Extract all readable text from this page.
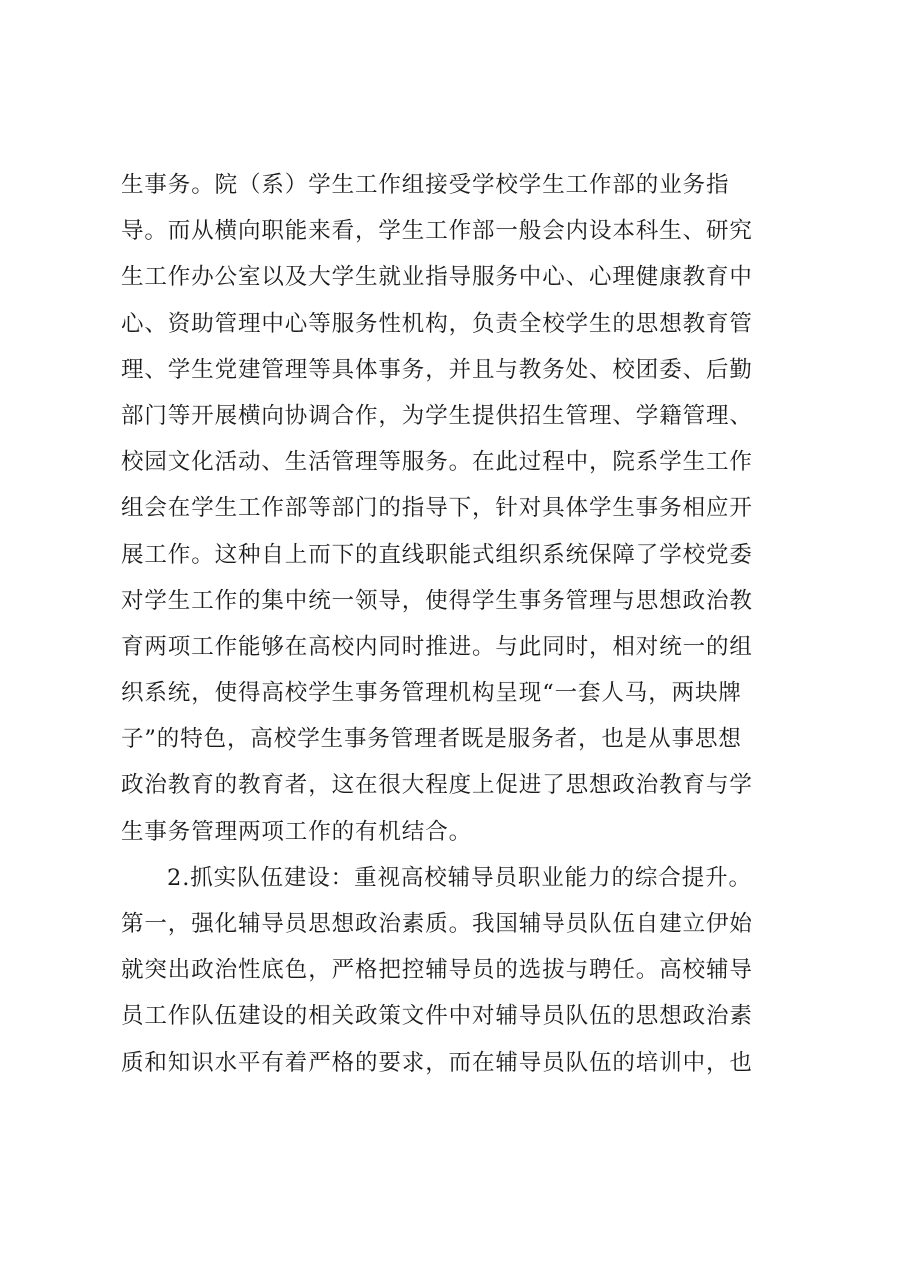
生事务。院（系）学生工作组接受学校学生工作部的业务指
导。而从横向职能来看，学生工作部一般会内设本科生、研究
生工作办公室以及大学生就业指导服务中心、心理健康教育中
心、资助管理中心等服务性机构，负责全校学生的思想教育管
理、学生党建管理等具体事务，并且与教务处、校团委、后勤
部门等开展横向协调合作，为学生提供招生管理、学籍管理、
校园文化活动、生活管理等服务。在此过程中，院系学生工作
组会在学生工作部等部门的指导下，针对具体学生事务相应开
展工作。这种自上而下的直线职能式组织系统保障了学校党委
对学生工作的集中统一领导，使得学生事务管理与思想政治教
育两项工作能够在高校内同时推进。与此同时，相对统一的组
织系统，使得高校学生事务管理机构呈现“一套人马，两块牌
子”的特色，高校学生事务管理者既是服务者，也是从事思想
政治教育的教育者，这在很大程度上促进了思想政治教育与学
生事务管理两项工作的有机结合。
2.抓实队伍建设：重视高校辅导员职业能力的综合提升。
第一，强化辅导员思想政治素质。我国辅导员队伍自建立伊始
就突出政治性底色，严格把控辅导员的选拔与聘任。高校辅导
员工作队伍建设的相关政策文件中对辅导员队伍的思想政治素
质和知识水平有着严格的要求，而在辅导员队伍的培训中，也
